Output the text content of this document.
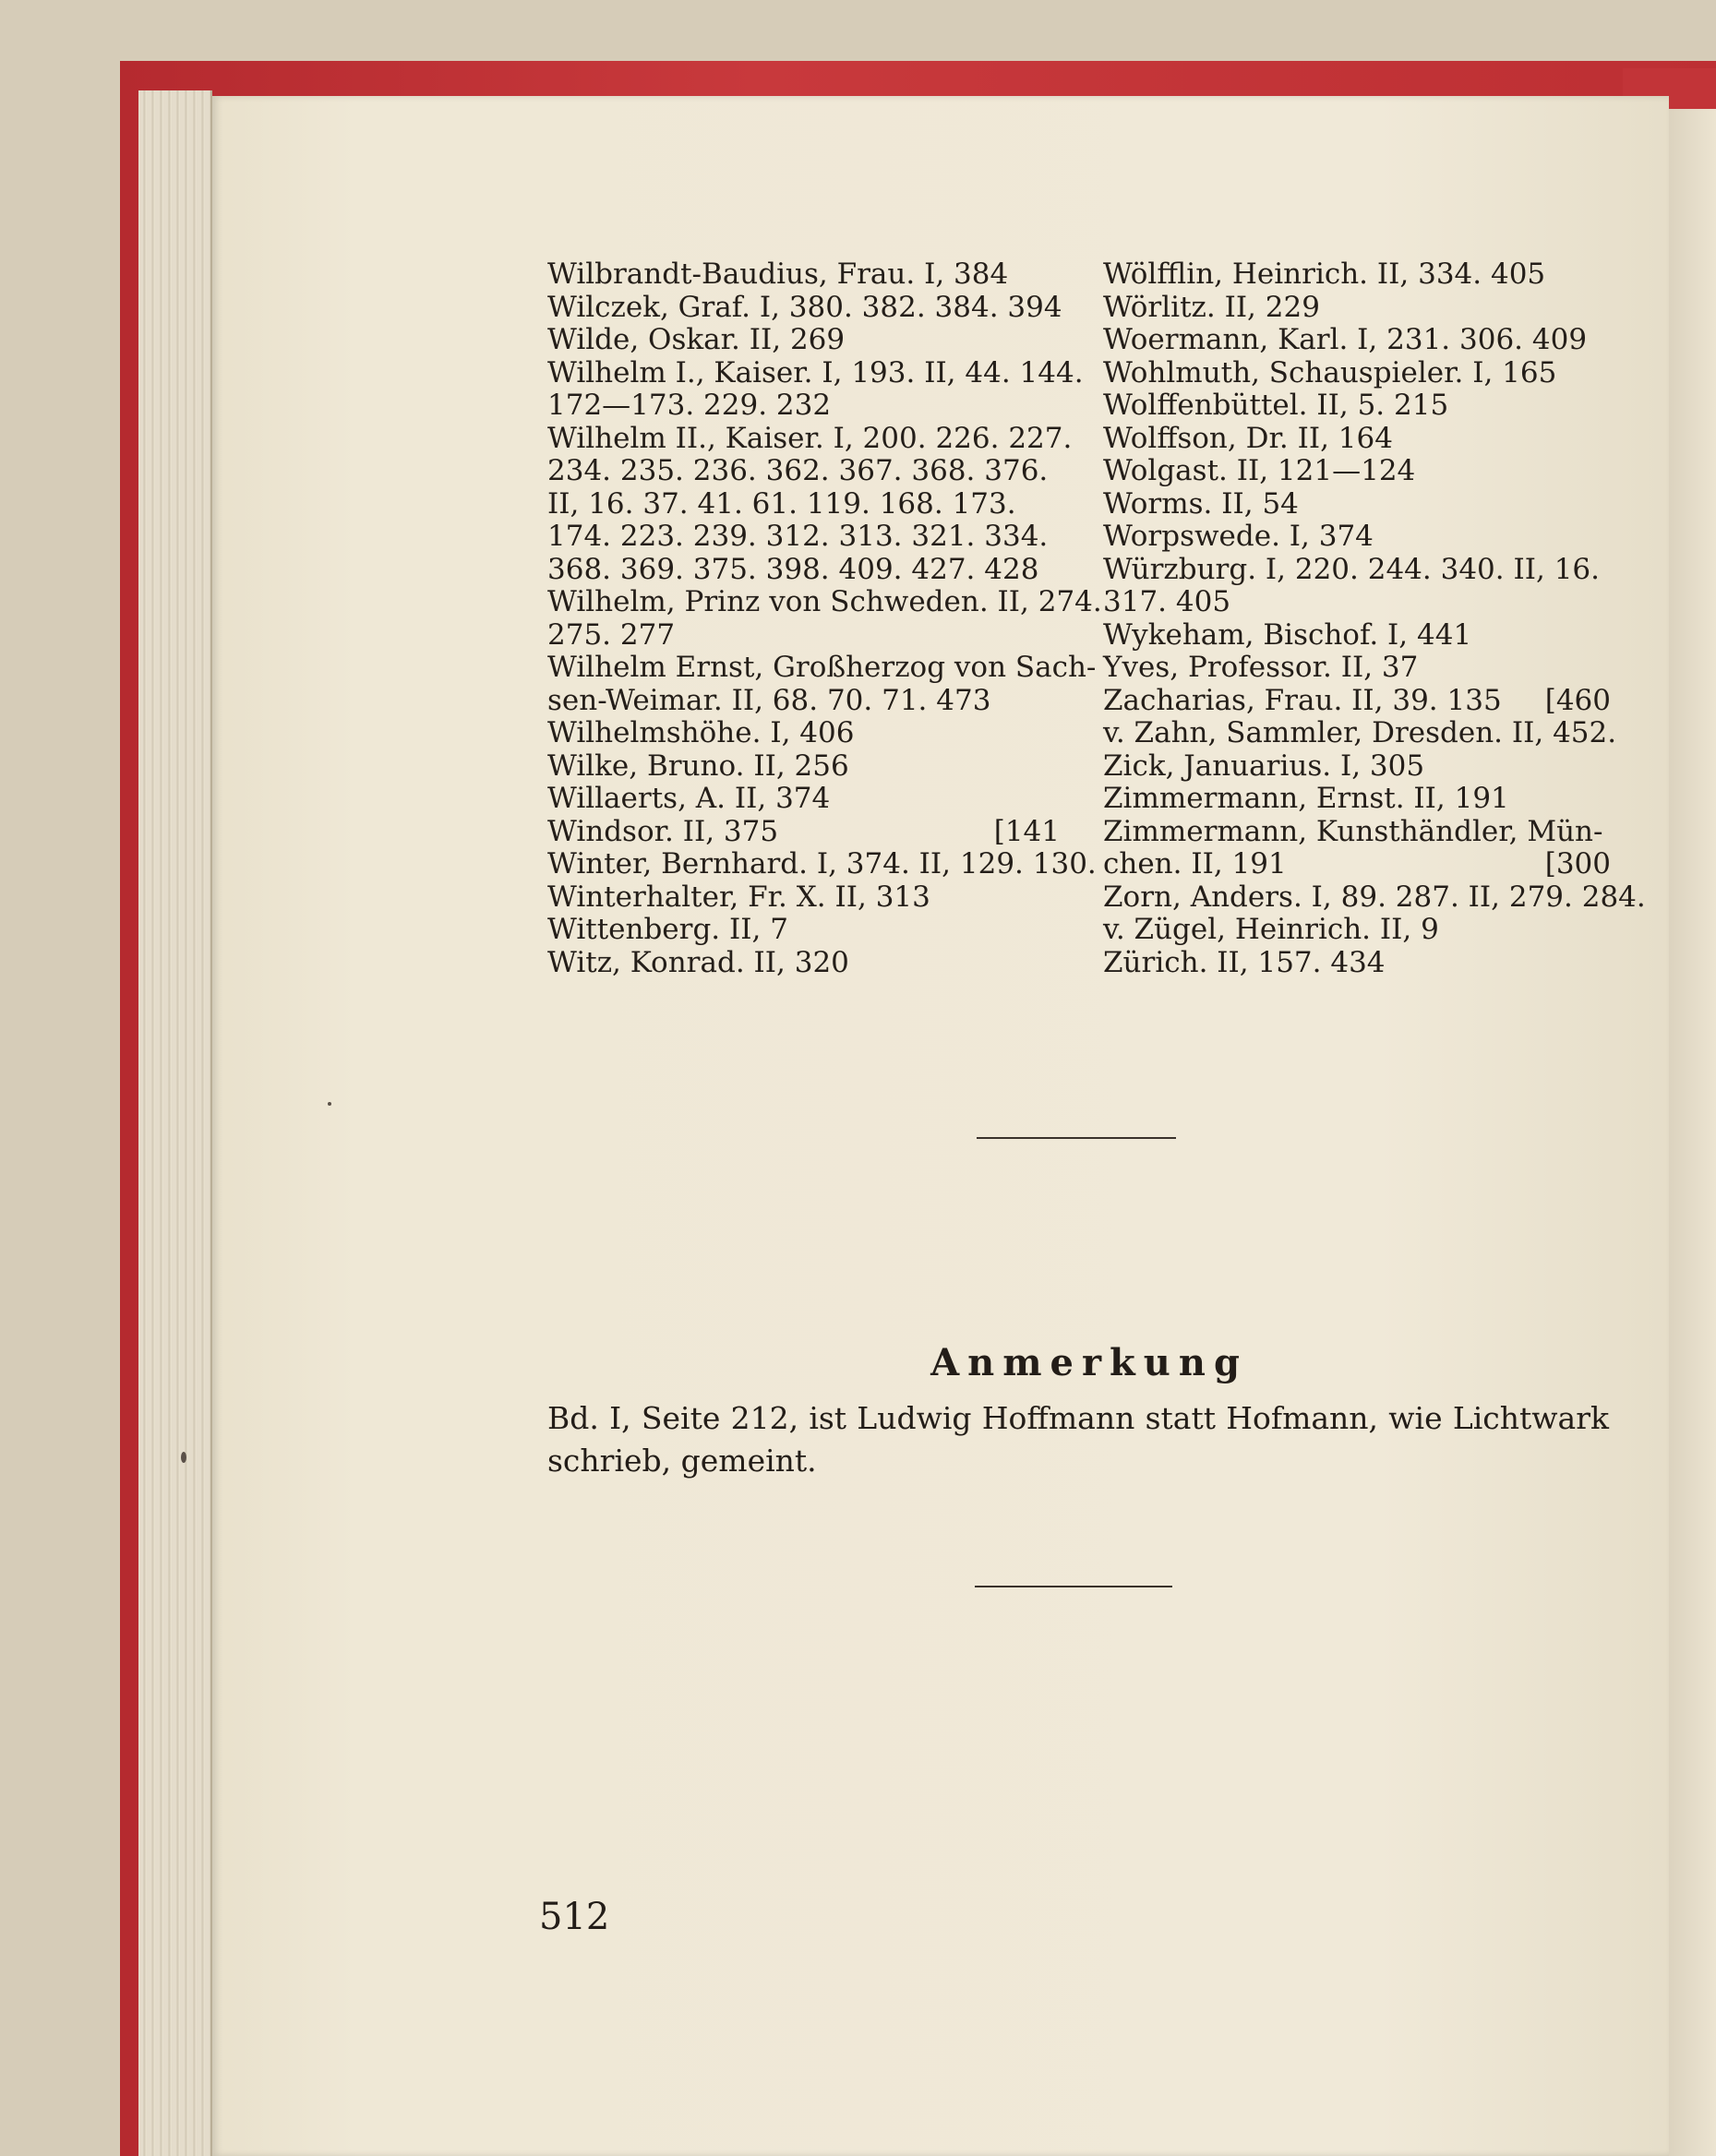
Wilbrandt-Baudius, Frau. I, 384
Wilczek, Graf. I, 380. 382. 384. 394
Wilde, Oskar. II, 269
Wilhelm I., Kaiser. I, 193. II, 44. 144.
172—173. 229. 232
Wilhelm II., Kaiser. I, 200. 226. 227.
234. 235. 236. 362. 367. 368. 376.
II, 16. 37. 41. 61. 119. 168. 173.
174. 223. 239. 312. 313. 321. 334.
368. 369. 375. 398. 409. 427. 428
Wilhelm, Prinz von Schweden. II, 274.
275. 277
Wilhelm Ernst, Großherzog von Sach-
sen-Weimar. II, 68. 70. 71. 473
Wilhelmshöhe. I, 406
Wilke, Bruno. II, 256
Willaerts, A. II, 374
Windsor. II, 375	[141
Winter, Bernhard. I, 374. II, 129. 130.
Winterhalter, Fr. X. II, 313
Wittenberg. II, 7
Witz, Konrad. II, 320
Wölfflin, Heinrich. II, 334. 405
Wörlitz. II, 229
Woermann, Karl. I, 231. 306. 409
Wohlmuth, Schauspieler. I, 165
Wolffenbüttel. II, 5. 215
Wolffson, Dr. II, 164
Wolgast. II, 121—124
Worms. II, 54
Worpswede. I, 374
Würzburg. I, 220. 244. 340. II, 16.
317. 405
Wykeham, Bischof. I, 441
Yves, Professor. II, 37
Zacharias, Frau. II, 39. 135	[460
v. Zahn, Sammler, Dresden. II, 452.
Zick, Januarius. I, 305
Zimmermann, Ernst. II, 191
Zimmermann, Kunsthändler, Mün-
chen. II, 191	[300
Zorn, Anders. I, 89. 287. II, 279. 284.
v. Zügel, Heinrich. II, 9
Zürich. II, 157. 434
Anmerkung
Bd. I, Seite 212, ist Ludwig Hoffmann statt Hofmann, wie Lichtwark schrieb, gemeint.
512
